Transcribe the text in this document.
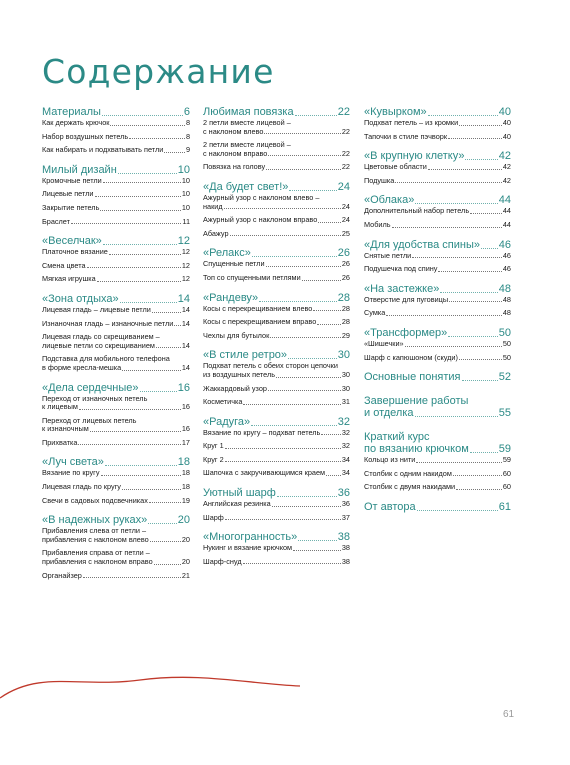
Содержание
Материалы	6
Как держать крючок	8
Набор воздушных петель	8
Как набирать и подхватывать петли	9
Милый дизайн	10
Кромочные петли	10
Лицевые петли	10
Закрытие петель	10
Браслет	11
«Веселчак»	12
Платочное вязание	12
Смена цвета	12
Мягкая игрушка	12
«Зона отдыха»	14
Лицевая гладь – лицевые петли	14
Изнаночная гладь – изнаночные петли 14
Лицевая гладь со скрещиванием –
лицевые петли со скрещиванием	14
Подставка для мобильного телефона
в форме кресла-мешка	14
«Дела сердечные»	16
Переход от изнаночных петель
к лицевым	16
Переход от лицевых петель
к изнаночным	16
Прихватка	17
«Луч света»	18
Вязание по кругу	18
Лицевая гладь по кругу	18
Свечи в садовых подсвечниках	19
«В надежных руках»	20
Прибавления слева от петли –
прибавления с наклоном влево	20
Прибавления справа от петли –
прибавления с наклоном вправо	20
Органайзер	21
Любимая повязка	22
2 петли вместе лицевой –
с наклоном влево	22
2 петли вместе лицевой –
с наклоном вправо	22
Повязка на голову	22
«Да будет свет!»	24
Ажурный узор с наклоном влево –
накид	24
Ажурный узор с наклоном вправо	24
Абажур	25
«Релакс»	26
Спущенные петли	26
Топ со спущенными петлями	26
«Рандеву»	28
Косы с перекрещиванием влево	28
Косы с перекрещиванием вправо	28
Чехлы для бутылок	29
«В стиле ретро»	30
Подхват петель с обеих сторон цепочки
из воздушных петель	30
Жаккардовый узор	30
Косметичка	31
«Радуга»	32
Вязание по кругу – подхват петель	32
Круг 1	32
Круг 2	34
Шапочка с закручивающимся краем 34
Уютный шарф	36
Английская резинка	36
Шарф	37
«Многогранность»	38
Нукинг и вязание крючком	38
Шарф-снуд	38
«Кувырком»	40
Подхват петель – из кромки	40
Тапочки в стиле пэчворк	40
«В крупную клетку»	42
Цветовые области	42
Подушка	42
«Облака»	44
Дополнительный набор петель	44
Мобиль	44
«Для удобства спины» 46
Снятые петли	46
Подушечка под спину	46
«На застежке»	48
Отверстие для пуговицы	48
Сумка	48
«Трансформер»	50
«Шишечки»	50
Шарф с капюшоном (скуди)	50
Основные понятия	52
Завершение работы
и отделка	55
Краткий курс
по вязанию крючком	59
Кольцо из нити	59
Столбик с одним накидом	60
Столбик с двумя накидами	60
От автора	61
61
